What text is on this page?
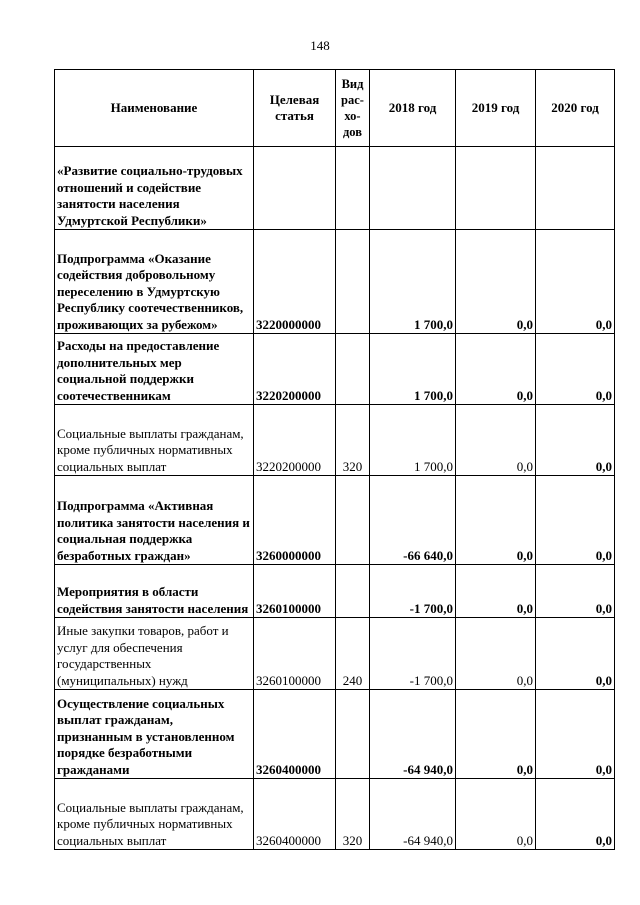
148
Наименование	Целевая статья	Вид рас-хо-дов	2018 год	2019 год	2020 год
«Развитие социально-трудовых отношений и содействие занятости населения Удмуртской Республики»					
Подпрограмма «Оказание содействия добровольному переселению в Удмуртскую Республику соотечественников, проживающих за рубежом»	3220000000		1 700,0	0,0	0,0
Расходы на предоставление дополнительных мер социальной поддержки соотечественникам	3220200000		1 700,0	0,0	0,0
Социальные выплаты гражданам, кроме публичных нормативных социальных выплат	3220200000	320	1 700,0	0,0	0,0
Подпрограмма «Активная политика занятости населения и социальная поддержка безработных граждан»	3260000000		-66 640,0	0,0	0,0
Мероприятия в области содействия занятости населения	3260100000		-1 700,0	0,0	0,0
Иные закупки товаров, работ и услуг для обеспечения государственных (муниципальных) нужд	3260100000	240	-1 700,0	0,0	0,0
Осуществление социальных выплат гражданам, признанным в установленном порядке безработными гражданами	3260400000		-64 940,0	0,0	0,0
Социальные выплаты гражданам, кроме публичных нормативных социальных выплат	3260400000	320	-64 940,0	0,0	0,0
